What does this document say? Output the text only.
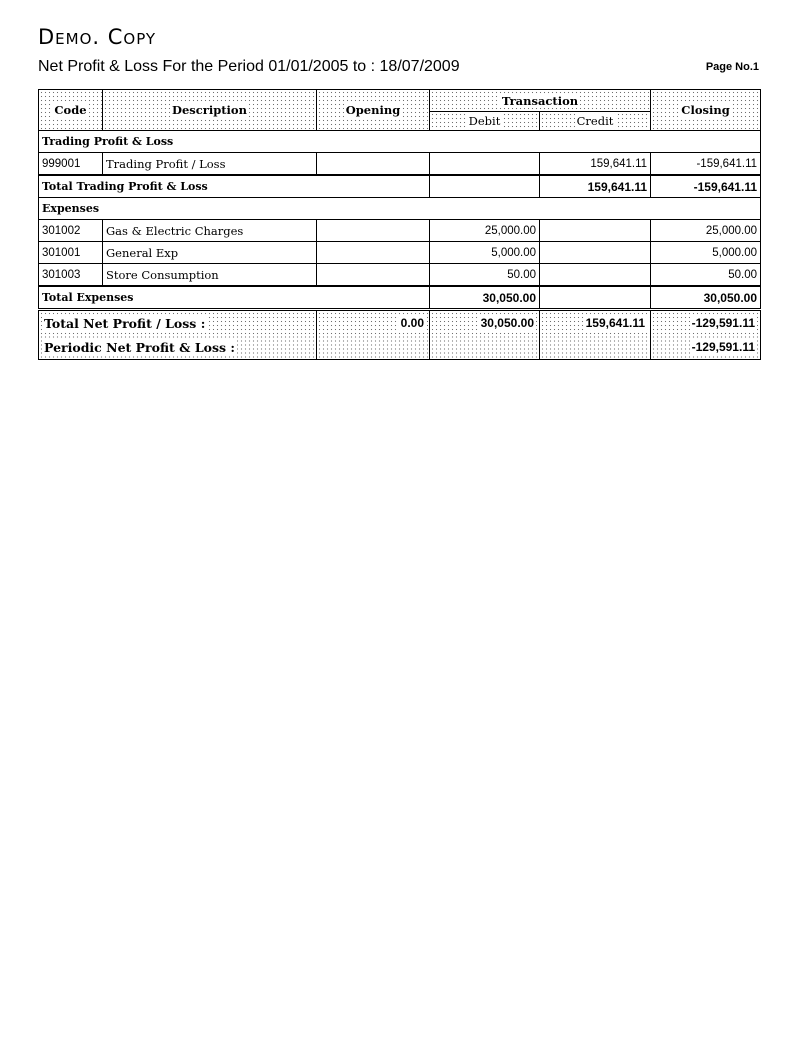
Demo. Copy
Net Profit & Loss For the Period 01/01/2005 to : 18/07/2009	Page No.1
Code	Description	Opening	Transaction		Closing
			Debit	Credit	
Trading Profit & Loss					
999001	Trading Profit / Loss			159,641.11	-159,641.11
Total Trading Profit & Loss				159,641.11	-159,641.11
Expenses					
301002	Gas & Electric Charges		25,000.00		25,000.00
301001	General Exp		5,000.00		5,000.00
301003	Store Consumption		50.00		50.00
Total Expenses			30,050.00		30,050.00
Total Net Profit / Loss :		0.00	30,050.00	159,641.11	-129,591.11
Periodic Net Profit & Loss :					-129,591.11
